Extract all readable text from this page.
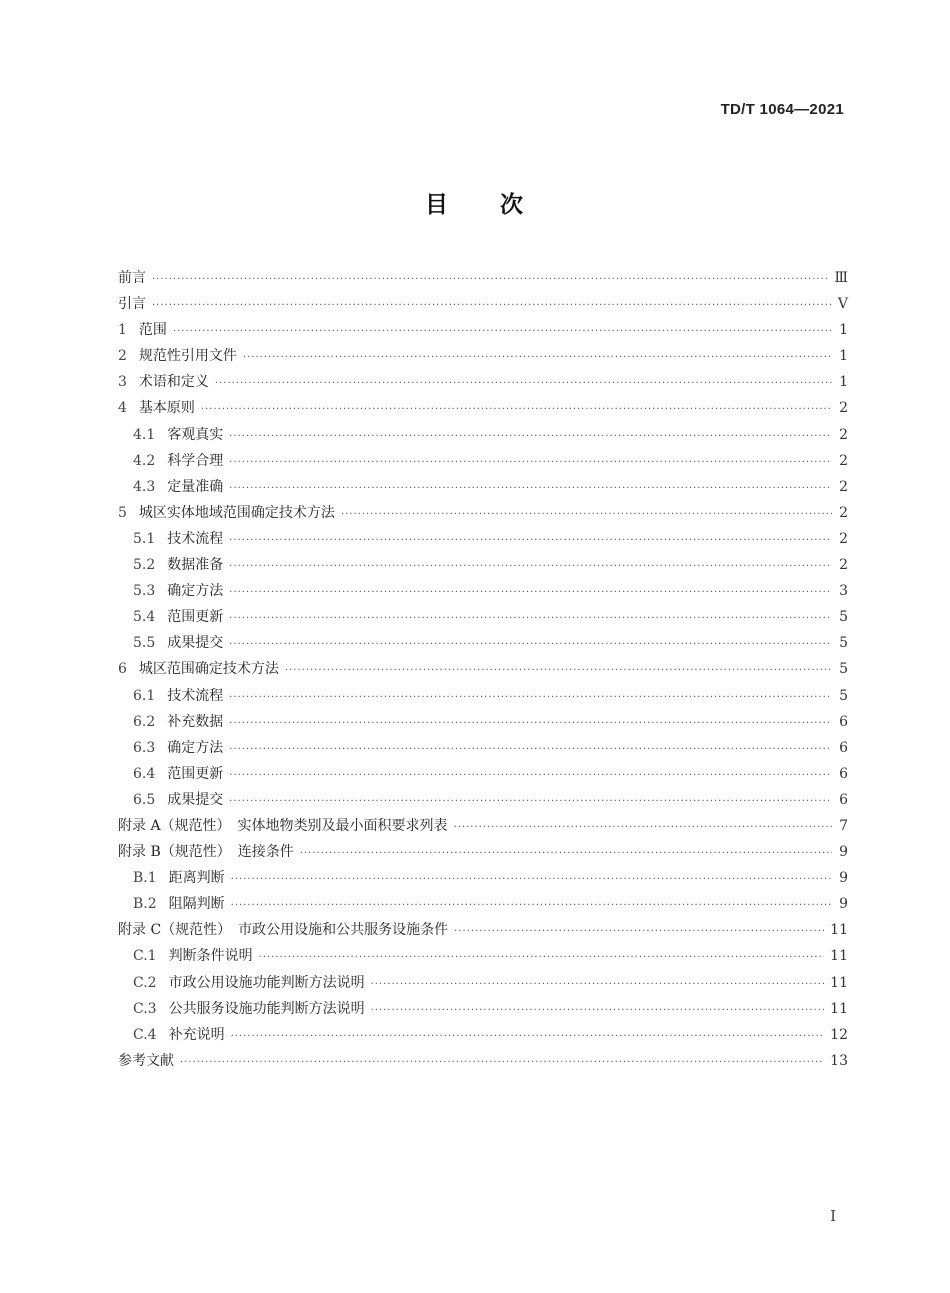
TD/T 1064—2021
目　　次
前言 ·····	Ⅲ
引言 ·····	Ⅴ
1 范围 ·····	1
2 规范性引用文件 ·····	1
3 术语和定义 ·····	1
4 基本原则 ·····	2
4.1 客观真实 ·····	2
4.2 科学合理 ·····	2
4.3 定量准确 ·····	2
5 城区实体地域范围确定技术方法 ·····	2
5.1 技术流程 ·····	2
5.2 数据准备 ·····	2
5.3 确定方法 ·····	3
5.4 范围更新 ·····	5
5.5 成果提交 ·····	5
6 城区范围确定技术方法 ·····	5
6.1 技术流程 ·····	5
6.2 补充数据 ·····	6
6.3 确定方法 ·····	6
6.4 范围更新 ·····	6
6.5 成果提交 ·····	6
附录 A（规范性）　实体地物类别及最小面积要求列表 ·····	7
附录 B（规范性）　连接条件 ·····	9
B.1 距离判断 ·····	9
B.2 阻隔判断 ·····	9
附录 C（规范性）　市政公用设施和公共服务设施条件 ·····	11
C.1 判断条件说明 ·····	11
C.2 市政公用设施功能判断方法说明 ·····	11
C.3 公共服务设施功能判断方法说明 ·····	11
C.4 补充说明 ·····	12
参考文献 ·····	13
Ⅰ
